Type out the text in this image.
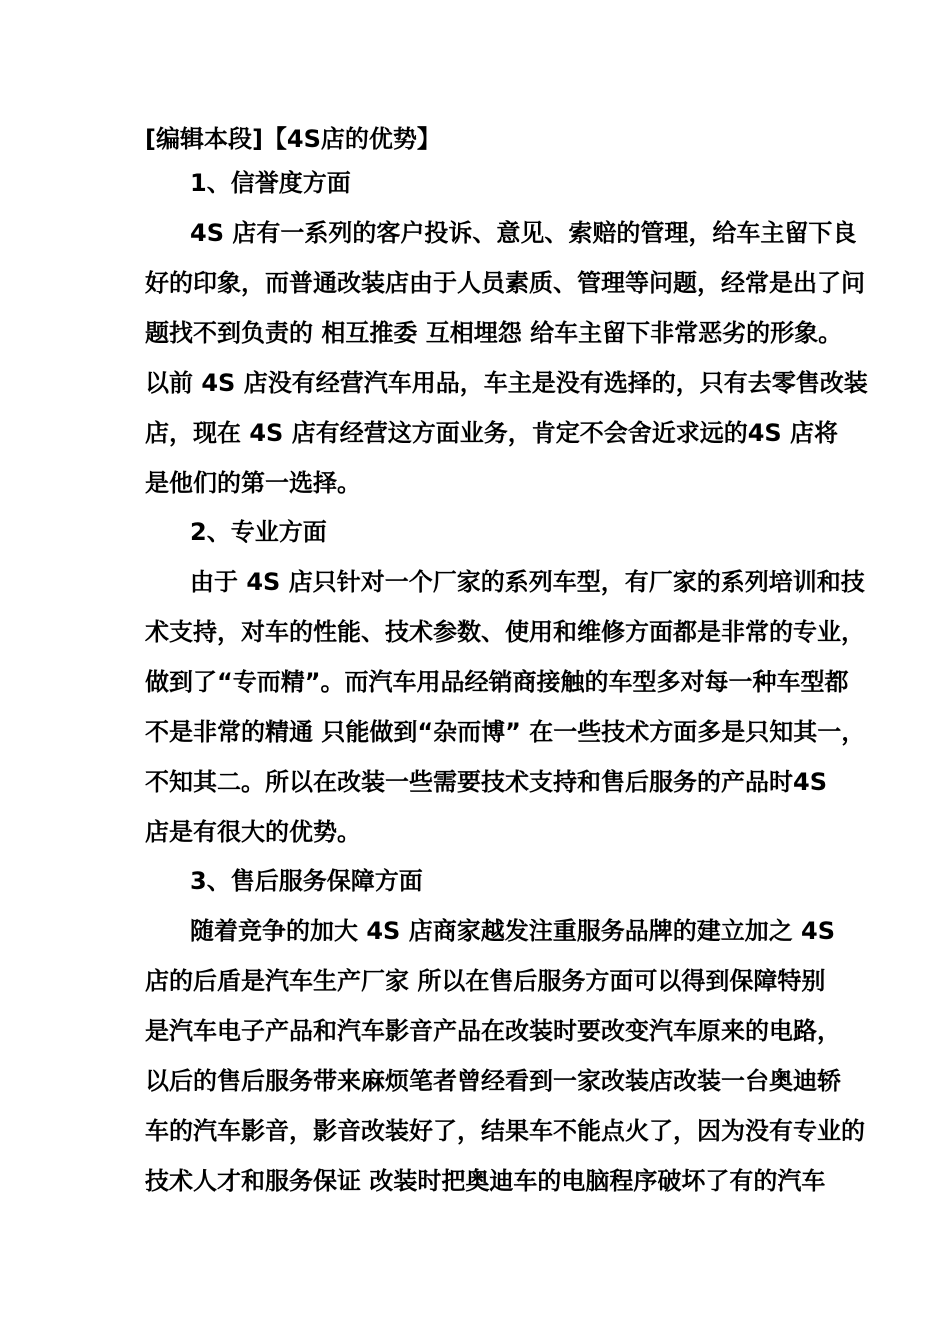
[编辑本段]【4S店的优势】
1、信誉度方面
4S 店有一系列的客户投诉、意见、索赔的管理，给车主留下良
好的印象，而普通改装店由于人员素质、管理等问题，经常是出了问
题找不到负责的 相互推委 互相埋怨 给车主留下非常恶劣的形象。
以前 4S 店没有经营汽车用品，车主是没有选择的，只有去零售改装
店，现在 4S 店有经营这方面业务，肯定不会舍近求远的4S 店将
是他们的第一选择。
2、专业方面
由于 4S 店只针对一个厂家的系列车型，有厂家的系列培训和技
术支持，对车的性能、技术参数、使用和维修方面都是非常的专业，
做到了“专而精”。而汽车用品经销商接触的车型多对每一种车型都
不是非常的精通 只能做到“杂而博” 在一些技术方面多是只知其一，
不知其二。所以在改装一些需要技术支持和售后服务的产品时4S
店是有很大的优势。
3、售后服务保障方面
随着竞争的加大 4S 店商家越发注重服务品牌的建立加之 4S
店的后盾是汽车生产厂家 所以在售后服务方面可以得到保障特别
是汽车电子产品和汽车影音产品在改装时要改变汽车原来的电路，
以后的售后服务带来麻烦笔者曾经看到一家改装店改装一台奥迪轿
车的汽车影音，影音改装好了，结果车不能点火了，因为没有专业的
技术人才和服务保证 改装时把奥迪车的电脑程序破坏了有的汽车
